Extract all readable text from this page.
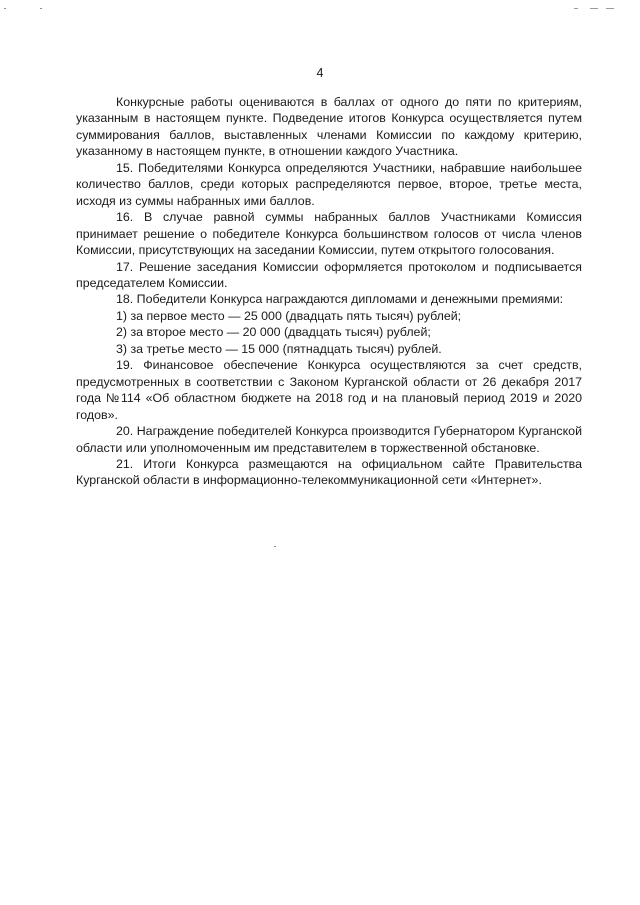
4

Конкурсные работы оцениваются в баллах от одного до пяти по критериям, указанным в настоящем пункте. Подведение итогов Конкурса осуществляется путем суммирования баллов, выставленных членами Комиссии по каждому критерию, указанному в настоящем пункте, в отношении каждого Участника.

15. Победителями Конкурса определяются Участники, набравшие наибольшее количество баллов, среди которых распределяются первое, второе, третье места, исходя из суммы набранных ими баллов.

16. В случае равной суммы набранных баллов Участниками Комиссия принимает решение о победителе Конкурса большинством голосов от числа членов Комиссии, присутствующих на заседании Комиссии, путем открытого голосования.

17. Решение заседания Комиссии оформляется протоколом и подписывается председателем Комиссии.

18. Победители Конкурса награждаются дипломами и денежными премиями:

1) за первое место — 25 000 (двадцать пять тысяч) рублей;

2) за второе место — 20 000 (двадцать тысяч) рублей;

3) за третье место — 15 000 (пятнадцать тысяч) рублей.

19. Финансовое обеспечение Конкурса осуществляются за счет средств, предусмотренных в соответствии с Законом Курганской области от 26 декабря 2017 года №114 «Об областном бюджете на 2018 год и на плановый период 2019 и 2020 годов».

20. Награждение победителей Конкурса производится Губернатором Курганской области или уполномоченным им представителем в торжественной обстановке.

21. Итоги Конкурса размещаются на официальном сайте Правительства Курганской области в информационно-телекоммуникационной сети «Интернет».
